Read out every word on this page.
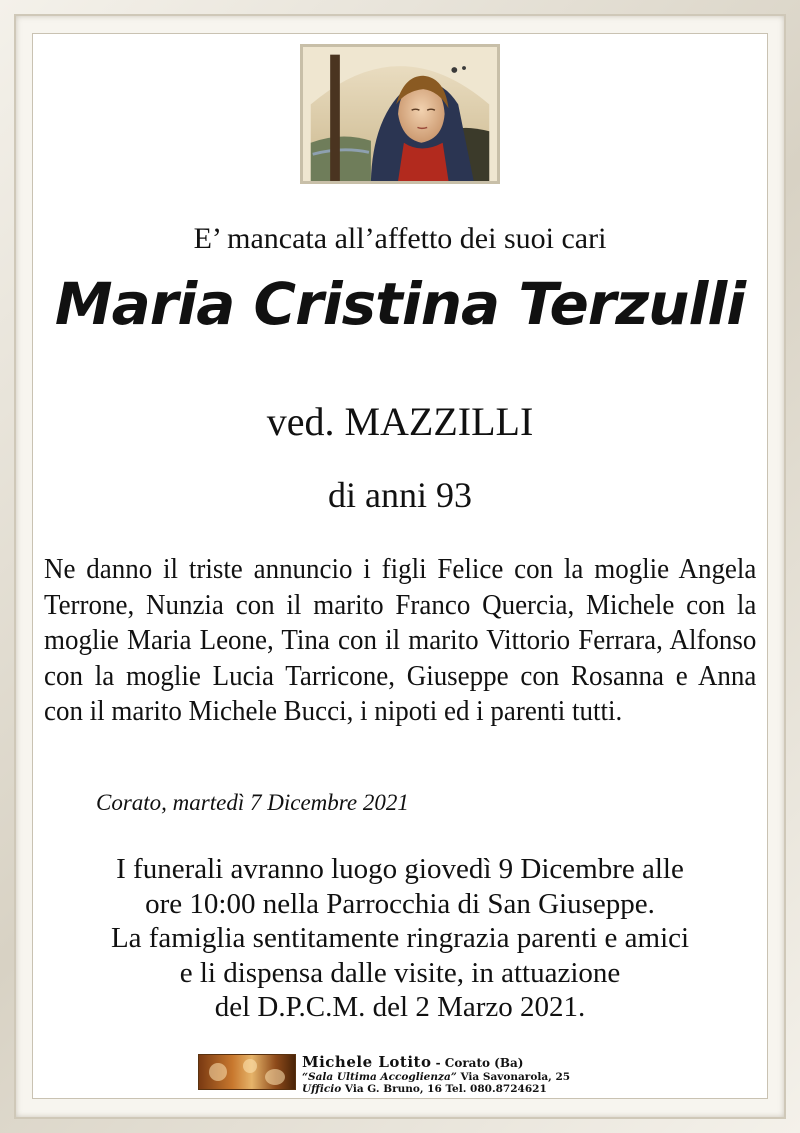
E’ mancata all’affetto dei suoi cari
Maria Cristina Terzulli
ved. MAZZILLI
di anni 93

Ne danno il triste annuncio i figli Felice con la moglie Angela Terrone, Nunzia con il marito Franco Quercia, Michele con la moglie Maria Leone, Tina con il marito Vittorio Ferrara, Alfonso con la moglie Lucia Tarricone, Giuseppe con Rosanna e Anna con il marito Michele Bucci, i nipoti ed i parenti tutti.

Corato, martedì 7 Dicembre 2021
I funerali avranno luogo giovedì 9 Dicembre alle
ore 10:00 nella Parrocchia di San Giuseppe.
La famiglia sentitamente ringrazia parenti e amici
e li dispensa dalle visite, in attuazione
del D.P.C.M. del 2 Marzo 2021.
Michele Lotito - Corato (Ba)
“Sala Ultima Accoglienza” Via Savonarola, 25
Ufficio Via G. Bruno, 16 Tel. 080.8724621
